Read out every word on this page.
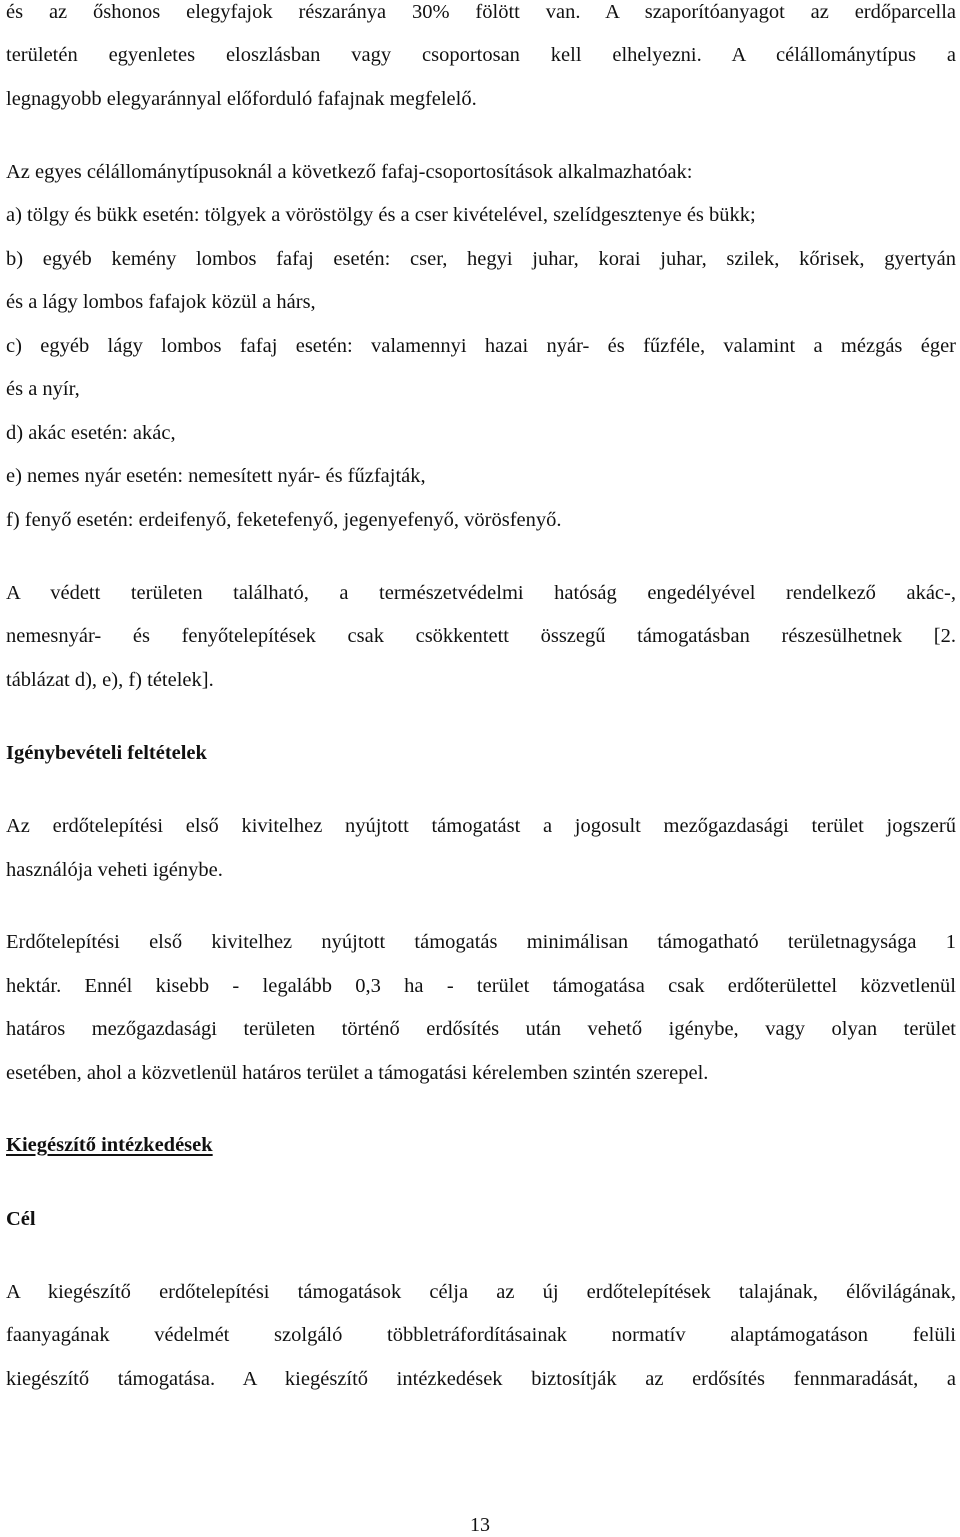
és az őshonos elegyfajok részaránya 30% fölött van. A szaporítóanyagot az erdőparcella
területén egyenletes eloszlásban vagy csoportosan kell elhelyezni. A célállománytípus a
legnagyobb elegyaránnyal előforduló fafajnak megfelelő.
Az egyes célállománytípusoknál a következő fafaj-csoportosítások alkalmazhatóak:
a) tölgy és bükk esetén: tölgyek a vöröstölgy és a cser kivételével, szelídgesztenye és bükk;
b) egyéb kemény lombos fafaj esetén: cser, hegyi juhar, korai juhar, szilek, kőrisek, gyertyán
és a lágy lombos fafajok közül a hárs,
c) egyéb lágy lombos fafaj esetén: valamennyi hazai nyár- és fűzféle, valamint a mézgás éger
és a nyír,
d) akác esetén: akác,
e) nemes nyár esetén: nemesített nyár- és fűzfajták,
f) fenyő esetén: erdeifenyő, feketefenyő, jegenyefenyő, vörösfenyő.
A védett területen található, a természetvédelmi hatóság engedélyével rendelkező akác-,
nemesnyár- és fenyőtelepítések csak csökkentett összegű támogatásban részesülhetnek [2.
táblázat d), e), f) tételek].
Igénybevételi feltételek
Az erdőtelepítési első kivitelhez nyújtott támogatást a jogosult mezőgazdasági terület jogszerű
használója veheti igénybe.
Erdőtelepítési első kivitelhez nyújtott támogatás minimálisan támogatható területnagysága 1
hektár. Ennél kisebb - legalább 0,3 ha - terület támogatása csak erdőterülettel közvetlenül
határos mezőgazdasági területen történő erdősítés után vehető igénybe, vagy olyan terület
esetében, ahol a közvetlenül határos terület a támogatási kérelemben szintén szerepel.
Kiegészítő intézkedések
Cél
A kiegészítő erdőtelepítési támogatások célja az új erdőtelepítések talajának, élővilágának,
faanyagának védelmét szolgáló többletráfordításainak normatív alaptámogatáson felüli
kiegészítő támogatása. A kiegészítő intézkedések biztosítják az erdősítés fennmaradását, a
13
